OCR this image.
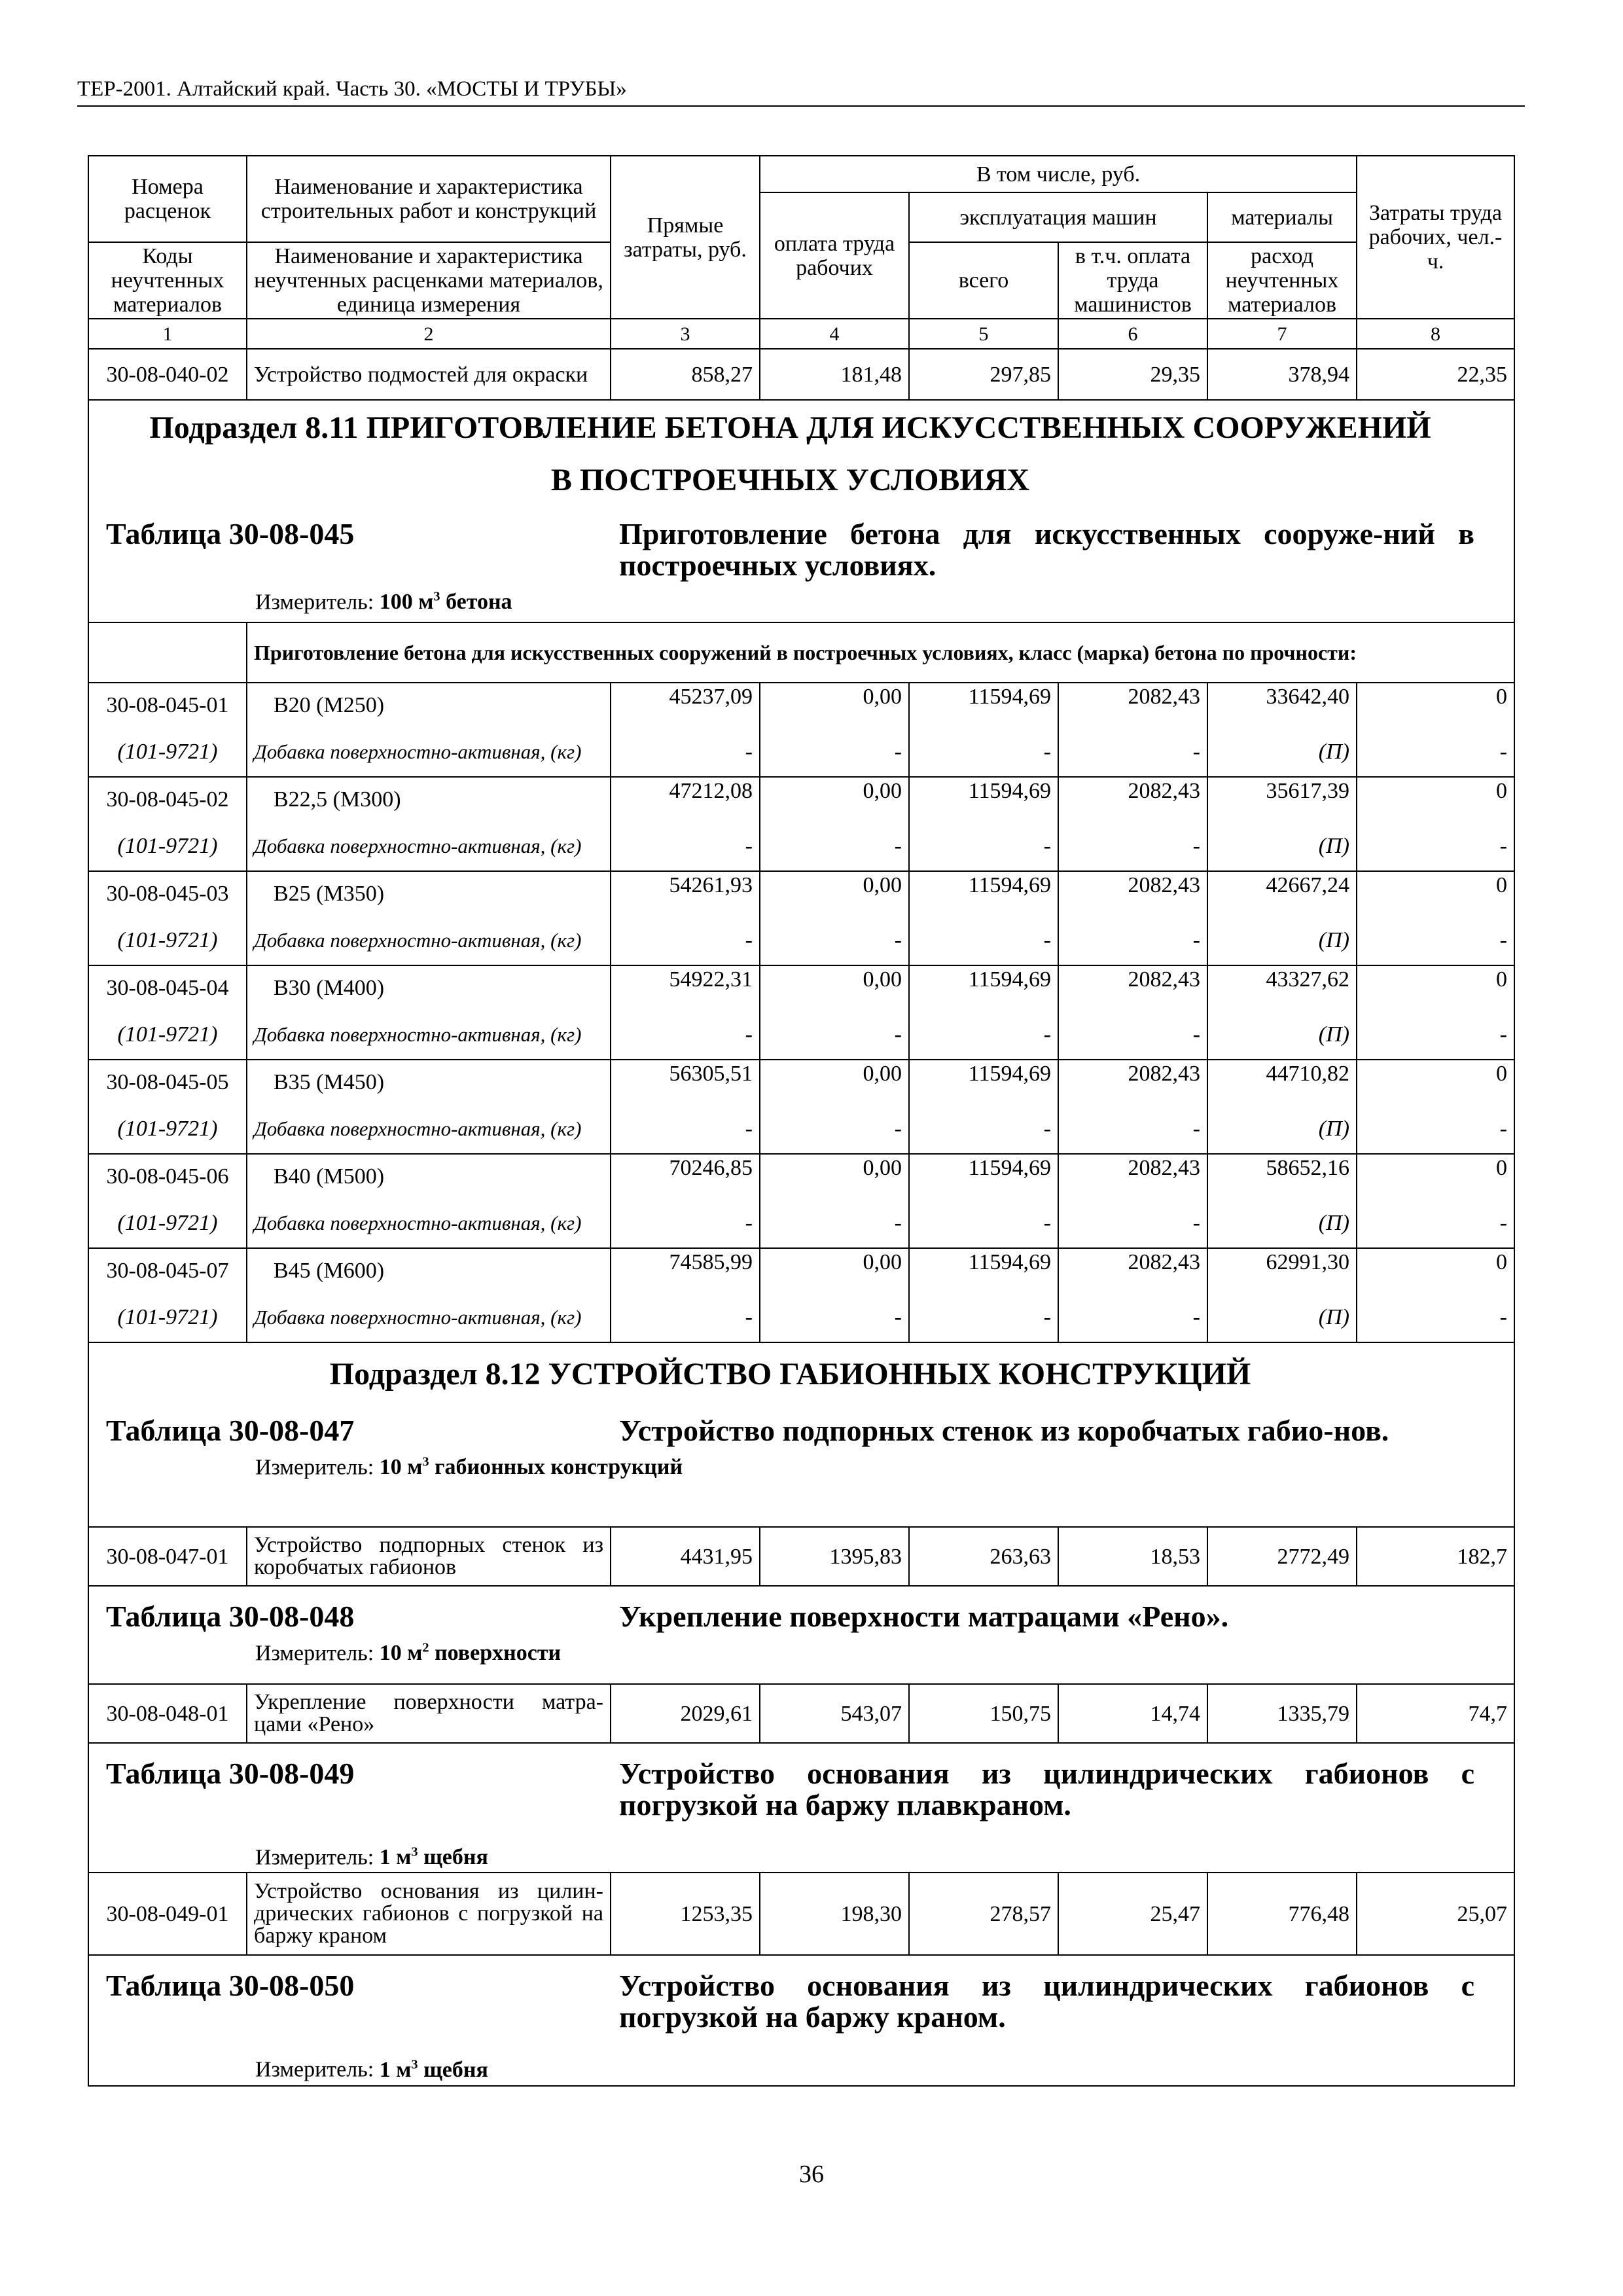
ТЕР-2001. Алтайский край. Часть 30. «МОСТЫ И ТРУБЫ»
Номера расценок	Наименование и характеристика строительных работ и конструкций	Прямые затраты, руб.	В том числе, руб.				Затраты труда рабочих, чел.-ч.
			оплата труда рабочих	эксплуатация машин		материалы	
Коды неучтенных материалов	Наименование и характеристика неучтенных расценками материалов, единица измерения			всего	в т.ч. оплата труда машинистов	расход неучтенных материалов	
1	2	3	4	5	6	7	8
30-08-040-02	Устройство подмостей для окраски	858,27	181,48	297,85	29,35	378,94	22,35

Подраздел 8.11 ПРИГОТОВЛЕНИЕ БЕТОНА ДЛЯ ИСКУССТВЕННЫХ СООРУЖЕНИЙ
В ПОСТРОЕЧНЫХ УСЛОВИЯХ
Таблица 30-08-045 Приготовление бетона для искусственных сооруже-ний в построечных условиях.
Измеритель: 100 $м^3$ бетона							

	Приготовление бетона для искусственных сооружений в построечных условиях, класс (марка) бетона по прочности:						
30-08-045-01	В20 (М250)	45237,09	0,00	11594,69	2082,43	33642,40	0
(101-9721)	Добавка поверхностно-активная, (кг)	-	-	-	-	(П)	-
30-08-045-02	В22,5 (М300)	47212,08	0,00	11594,69	2082,43	35617,39	0
(101-9721)	Добавка поверхностно-активная, (кг)	-	-	-	-	(П)	-
30-08-045-03	В25 (М350)	54261,93	0,00	11594,69	2082,43	42667,24	0
(101-9721)	Добавка поверхностно-активная, (кг)	-	-	-	-	(П)	-
30-08-045-04	В30 (М400)	54922,31	0,00	11594,69	2082,43	43327,62	0
(101-9721)	Добавка поверхностно-активная, (кг)	-	-	-	-	(П)	-
30-08-045-05	В35 (М450)	56305,51	0,00	11594,69	2082,43	44710,82	0
(101-9721)	Добавка поверхностно-активная, (кг)	-	-	-	-	(П)	-
30-08-045-06	В40 (М500)	70246,85	0,00	11594,69	2082,43	58652,16	0
(101-9721)	Добавка поверхностно-активная, (кг)	-	-	-	-	(П)	-
30-08-045-07	В45 (М600)	74585,99	0,00	11594,69	2082,43	62991,30	0
(101-9721)	Добавка поверхностно-активная, (кг)	-	-	-	-	(П)	-

Подраздел 8.12 УСТРОЙСТВО ГАБИОННЫХ КОНСТРУКЦИЙ
Таблица 30-08-047 Устройство подпорных стенок из коробчатых габио-нов.
Измеритель: 10 $м^3$ габионных конструкций							

30-08-047-01	Устройство подпорных стенок из коробчатых габионов	4431,95	1395,83	263,63	18,53	2772,49	182,7

Таблица 30-08-048 Укрепление поверхности матрацами «Рено».
Измеритель: 10 $м^2$ поверхности							

30-08-048-01	Укрепление поверхности матра-цами «Рено»	2029,61	543,07	150,75	14,74	1335,79	74,7

Таблица 30-08-049 Устройство основания из цилиндрических габионов с погрузкой на баржу плавкраном.
Измеритель: 1 $м^3$ щебня							

30-08-049-01	Устройство основания из цилин-дрических габионов с погрузкой на баржу краном	1253,35	198,30	278,57	25,47	776,48	25,07

Таблица 30-08-050 Устройство основания из цилиндрических габионов с погрузкой на баржу краном.
Измеритель: 1 $м^3$ щебня							
36
